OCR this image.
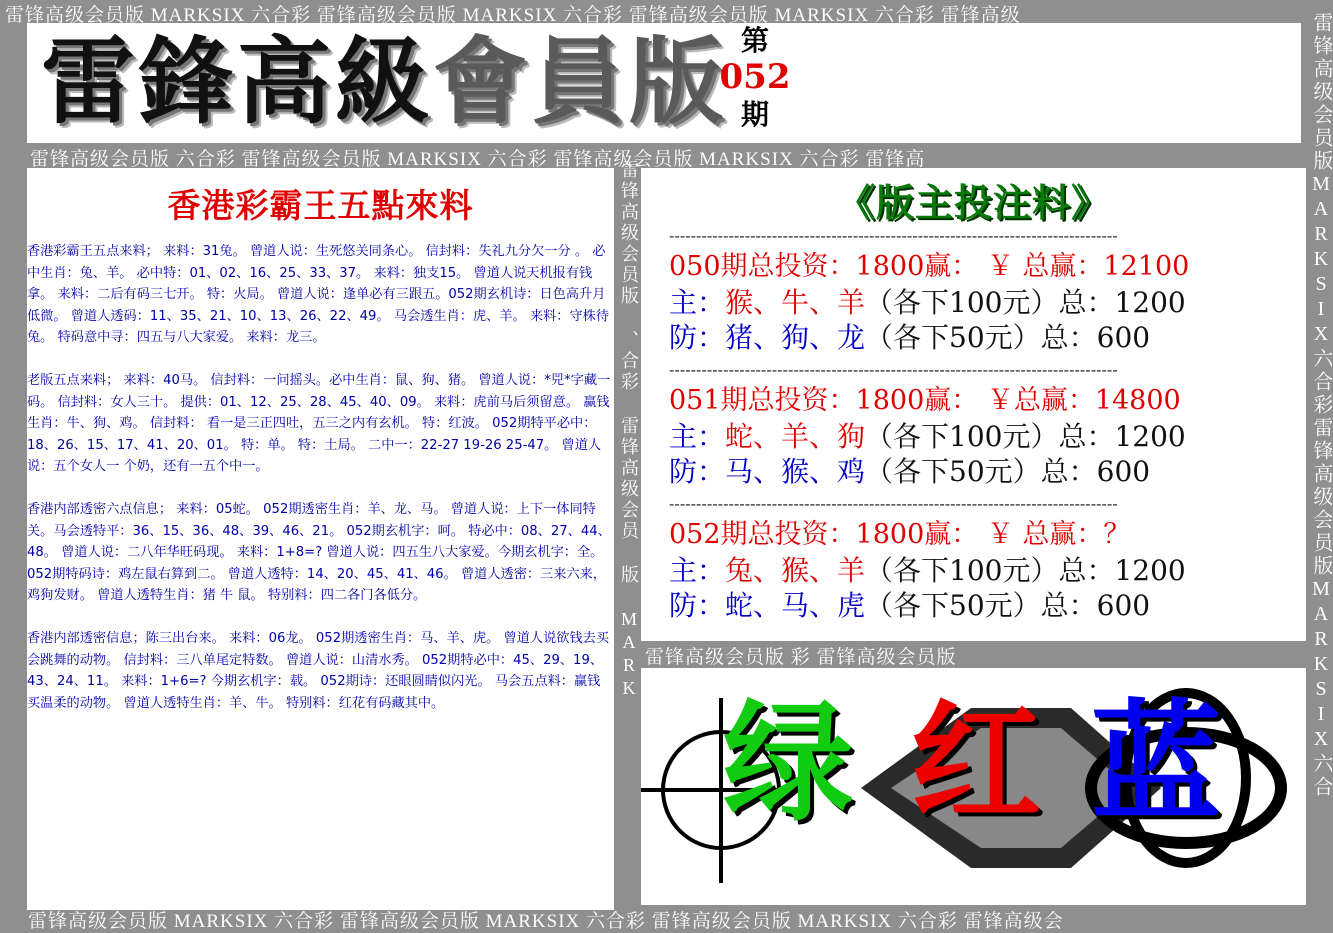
雷锋高级会员版 MARKSIX 六合彩 雷锋高级会员版 MARKSIX 六合彩 雷锋高级会员版 MARKSIX 六合彩 雷锋高级
雷锋高级会员版 六合彩 雷锋高级会员版 MARKSIX 六合彩 雷锋高级会员版 MARKSIX 六合彩 雷锋高
雷锋高级会员版 彩 雷锋高级会员版
雷锋高级会员版 MARKSIX 六合彩 雷锋高级会员版 MARKSIX 六合彩 雷锋高级会员版 MARKSIX 六合彩 雷锋高级会
雷锋高级会员版MARKSIX六合彩雷锋高级会员版MARKSIX六合
雷锋高级会员版 、合彩 雷锋高级会员 版 MARK
雷鋒高級會員版 第
052
期
香港彩霸王五點來料

香港彩霸王五点来料； 来料：31兔。 曾道人说：生死悠关同条心。 信封料：失礼九分欠一分 。 必中生肖：兔、羊。 必中特：01、02、16、25、33、37。 来料：独支15。 曾道人说天机报有钱拿。 来料：二后有码三七开。 特：火局。 曾道人说：逢单必有三跟五。052期玄机诗：日色高升月低微。 曾道人透码：11、35、21、10、13、26、22、49。 马会透生肖：虎、羊。 来料：守株待兔。 特码意中寻：四五与八大家爱。 来料：龙三。

老版五点来料； 来料：40马。 信封料：一问摇头。必中生肖：鼠、狗、猪。 曾道人说：*兕*字藏一码。 信封料：女人三十。 提供：01、12、25、28、45、40、09。 来料：虎前马后须留意。 赢钱生肖：牛、狗、鸡。 信封料： 看一是三正四吐，五三之内有玄机。 特：红波。 052期特平必中：18、26、15、17、41、20、01。 特：单。 特：土局。 二中一：22-27 19-26 25-47。 曾道人说：五个女人一 个奶，还有一五个中一。

香港内部透密六点信息； 来料：05蛇。 052期透密生肖：羊、龙、马。 曾道人说：上下一体同特关。马会透特平：36、15、36、48、39、46、21。 052期玄机字：呵。 特必中：08、27、44、48。 曾道人说：二八年华旺码现。 来料：1+8=? 曾道人说：四五生八大家爱。今期玄机字：全。 052期特码诗：鸡左鼠右算到二。 曾道人透特：14、20、45、41、46。 曾道人透密：三来六来，鸡狗发财。 曾道人透特生肖：猪 牛 鼠。 特别料：四二各门各低分。

香港内部透密信息；陈三出台来。 来料：06龙。 052期透密生肖：马、羊、虎。 曾道人说欲钱去买会跳舞的动物。 信封料：三八单尾定特数。 曾道人说：山清水秀。 052期特必中：45、29、19、43、24、11。 来料：1+6=? 今期玄机字：载。 052期诗：还眼圆睛似闪光。 马会五点料：赢钱买温柔的动物。 曾道人透特生肖：羊、牛。 特别料：红花有码藏其中。

《版主投注料》
-----------------------------------------------------------------------------------
050期总投资：1800赢： ￥ 总赢：12100
主：猴、牛、羊（各下100元）总：1200
防：猪、狗、龙（各下50元）总：600
-----------------------------------------------------------------------------------
051期总投资：1800赢： ￥总赢：14800
主：蛇、羊、狗（各下100元）总：1200
防：马、猴、鸡（各下50元）总：600
-----------------------------------------------------------------------------------
052期总投资：1800赢： ￥ 总赢：？
主：兔、猴、羊（各下100元）总：1200
防：蛇、马、虎（各下50元）总：600
绿 红 蓝
